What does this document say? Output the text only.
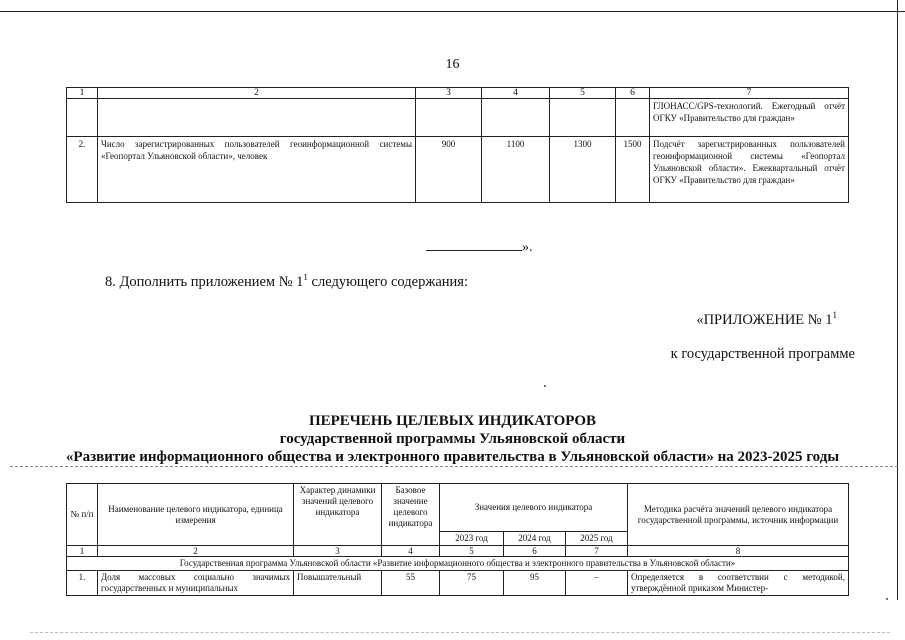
16
1	2	3	4	5	6	7
						ГЛОНАСС/GPS-технологий. Ежегодный отчёт ОГКУ «Правительство для граждан»
2.	Число зарегистрированных пользователей геоинформационной системы «Геопортал Ульяновской области», человек	900	1100	1300	1500	Подсчёт зарегистрированных пользователей геоинформационной системы «Геопортал Ульяновской области». Ежеквартальный отчёт ОГКУ «Правительство для граждан»
».
8. Дополнить приложением № $1^1$ следующего содержания:
«ПРИЛОЖЕНИЕ № $1^1$
к государственной программе
ПЕРЕЧЕНЬ ЦЕЛЕВЫХ ИНДИКАТОРОВ
государственной программы Ульяновской области
«Развитие информационного общества и электронного правительства в Ульяновской области» на 2023-2025 годы
№ п/п	Наименование целевого индикатора, единица измерения	Характер динамики значений целевого индикатора	Базовое значение целевого индикатора	Значения целевого индикатора			Методика расчёта значений целевого индикатора государственной программы, источник информации
				2023 год	2024 год	2025 год	
1	2	3	4	5	6	7	8
Государственная программа Ульяновской области «Развитие информационного общества и электронного правительства в Ульяновской области»							
1.	Доля массовых социально значимых государственных и муниципальных	Повышательный	55	75	95	–	Определяется в соответствии с методикой, утверждённой приказом Министер-
